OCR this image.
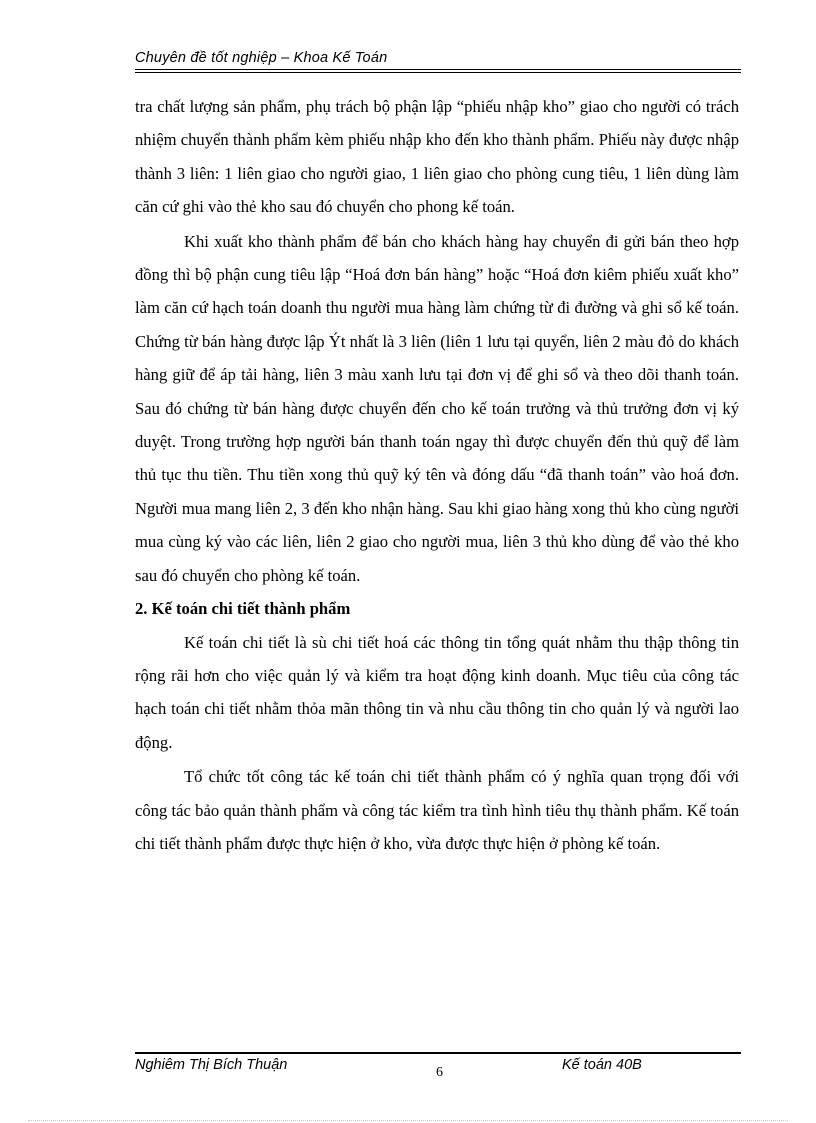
Chuyên đề tốt nghiệp – Khoa Kế Toán

tra chất lượng sản phẩm, phụ trách bộ phận lập “phiếu nhập kho” giao cho người có trách nhiệm chuyển thành phẩm kèm phiếu nhập kho đến kho thành phẩm. Phiếu này được nhập thành 3 liên: 1 liên giao cho người giao, 1 liên giao cho phòng cung tiêu, 1 liên dùng làm căn cứ ghi vào thẻ kho sau đó chuyển cho phong kế toán.

Khi xuất kho thành phẩm để bán cho khách hàng hay chuyển đi gửi bán theo hợp đồng thì bộ phận cung tiêu lập “Hoá đơn bán hàng” hoặc “Hoá đơn kiêm phiếu xuất kho” làm căn cứ hạch toán doanh thu người mua hàng làm chứng từ đi đường và ghi sổ kế toán. Chứng từ bán hàng được lập Ýt nhất là 3 liên (liên 1 lưu tại quyển, liên 2 màu đỏ do khách hàng giữ để áp tải hàng, liên 3 màu xanh lưu tại đơn vị để ghi sổ và theo dõi thanh toán. Sau đó chứng từ bán hàng được chuyển đến cho kế toán trưởng và thủ trưởng đơn vị ký duyệt. Trong trường hợp người bán thanh toán ngay thì được chuyển đến thủ quỹ để làm thủ tục thu tiền. Thu tiền xong thủ quỹ ký tên và đóng dấu “đã thanh toán” vào hoá đơn. Người mua mang liên 2, 3 đến kho nhận hàng. Sau khi giao hàng xong thủ kho cùng người mua cùng ký vào các liên, liên 2 giao cho người mua, liên 3 thủ kho dùng để vào thẻ kho sau đó chuyển cho phòng kế toán.

2. Kế toán chi tiết thành phẩm

Kế toán chi tiết là sù chi tiết hoá các thông tin tổng quát nhằm thu thập thông tin rộng rãi hơn cho việc quản lý và kiểm tra hoạt động kinh doanh. Mục tiêu của công tác hạch toán chi tiết nhằm thỏa mãn thông tin và nhu cầu thông tin cho quản lý và người lao động.

Tổ chức tốt công tác kế toán chi tiết thành phẩm có ý nghĩa quan trọng đối với công tác bảo quản thành phẩm và công tác kiểm tra tình hình tiêu thụ thành phẩm. Kế toán chi tiết thành phẩm được thực hiện ở kho, vừa được thực hiện ở phòng kế toán.

Nghiêm Thị Bích Thuận	6	Kế toán 40B
